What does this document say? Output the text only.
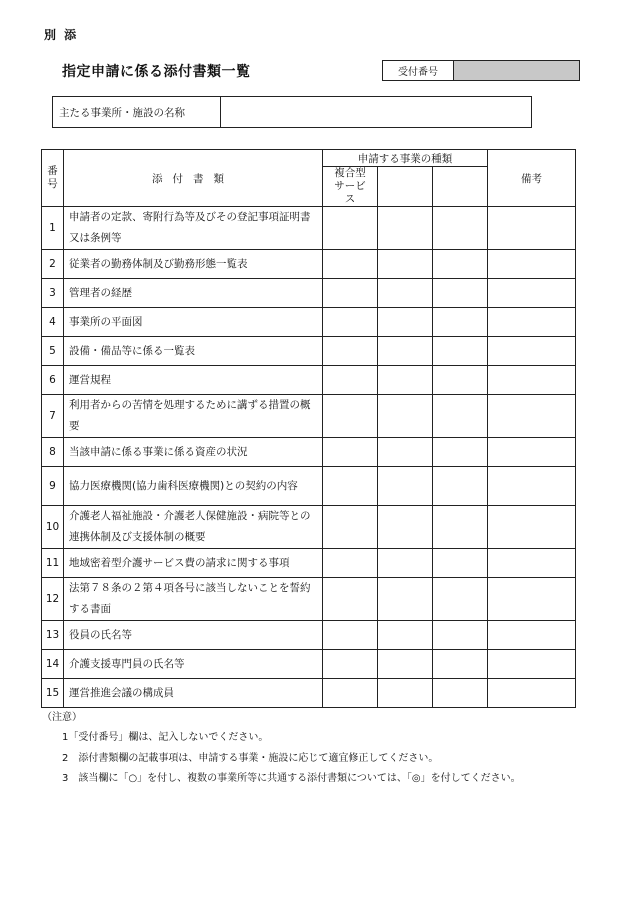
別 添
指定申請に係る添付書類一覧	受付番号
主たる事業所・施設の名称
番号	添付書類	申請する事業の種類			備考

		複合型サービス			

1	申請者の定款、寄附行為等及びその登記事項証明書又は条例等				
2	従業者の勤務体制及び勤務形態一覧表				
3	管理者の経歴				
4	事業所の平面図				
5	設備・備品等に係る一覧表				
6	運営規程				
7	利用者からの苦情を処理するために講ずる措置の概要				
8	当該申請に係る事業に係る資産の状況				
9	協力医療機関(協力歯科医療機関)との契約の内容				
10	介護老人福祉施設・介護老人保健施設・病院等との連携体制及び支援体制の概要				
11	地域密着型介護サービス費の請求に関する事項				
12	法第７８条の２第４項各号に該当しないことを誓約する書面				
13	役員の氏名等				
14	介護支援専門員の氏名等				
15	運営推進会議の構成員				
（注意）
1「受付番号」欄は、記入しないでください。
2　添付書類欄の記載事項は、申請する事業・施設に応じて適宜修正してください。
3　該当欄に「○」を付し、複数の事業所等に共通する添付書類については、「◎」を付してください。
